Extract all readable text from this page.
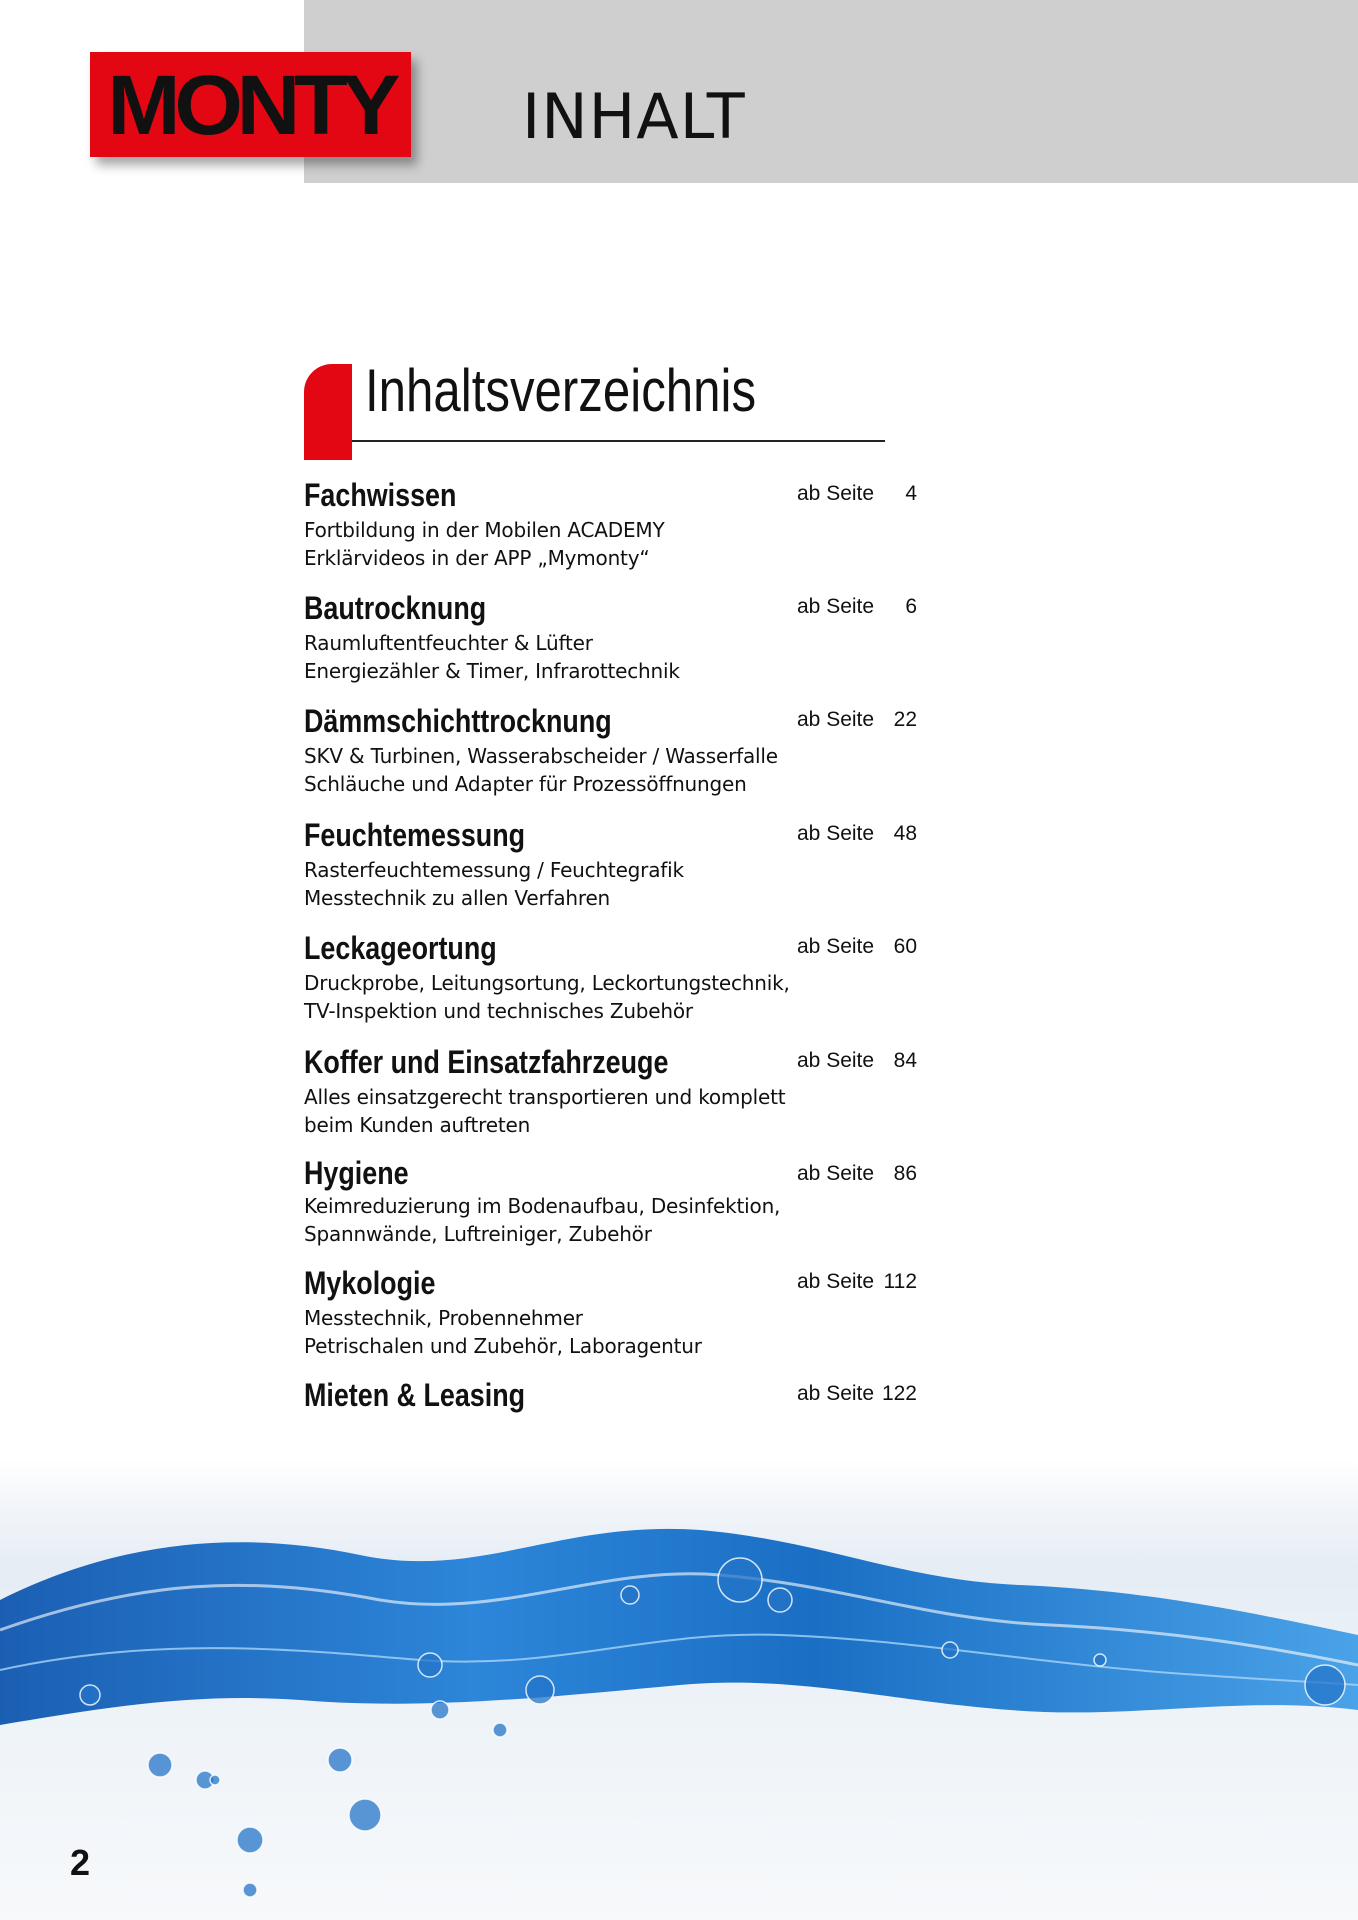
MONTY INHALT
Inhaltsverzeichnis
Fachwissen	ab Seite 4
Fortbildung in der Mobilen ACADEMY
Erklärvideos in der APP „Mymonty“
Bautrocknung	ab Seite 6
Raumluftentfeuchter & Lüfter
Energiezähler & Timer, Infrarottechnik
Dämmschichttrocknung	ab Seite 22
SKV & Turbinen, Wasserabscheider / Wasserfalle
Schläuche und Adapter für Prozessöffnungen
Feuchtemessung	ab Seite 48
Rasterfeuchtemessung / Feuchtegrafik
Messtechnik zu allen Verfahren
Leckageortung	ab Seite 60
Druckprobe, Leitungsortung, Leckortungstechnik,
TV-Inspektion und technisches Zubehör
Koffer und Einsatzfahrzeuge	ab Seite 84
Alles einsatzgerecht transportieren und komplett
beim Kunden auftreten
Hygiene	ab Seite 86
Keimreduzierung im Bodenaufbau, Desinfektion,
Spannwände, Luftreiniger, Zubehör
Mykologie	ab Seite 112
Messtechnik, Probennehmer
Petrischalen und Zubehör, Laboragentur
Mieten & Leasing	ab Seite 122
2
